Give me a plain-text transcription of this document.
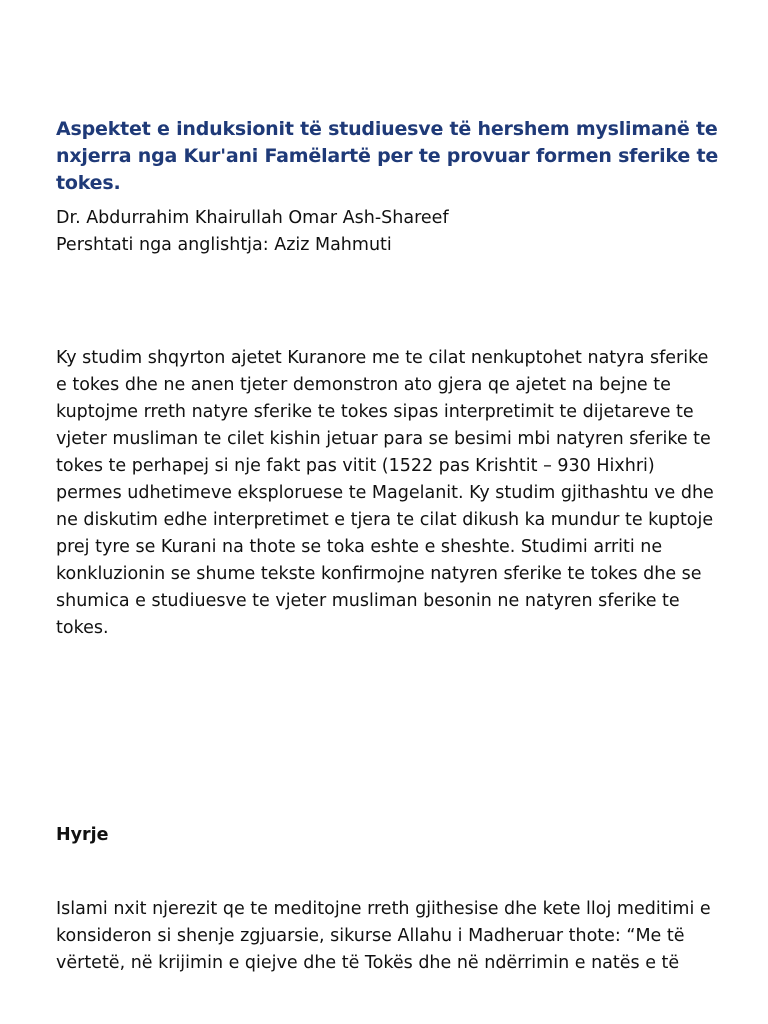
Aspektet e induksionit të studiuesve të hershem myslimanë te
nxjerra nga Kur'ani Famëlartë per te provuar formen sferike te
tokes.
Dr. Abdurrahim Khairullah Omar Ash-Shareef
Pershtati nga anglishtja: Aziz Mahmuti
Ky studim shqyrton ajetet Kuranore me te cilat nenkuptohet natyra sferike
e tokes dhe ne anen tjeter demonstron ato gjera qe ajetet na bejne te
kuptojme rreth natyre sferike te tokes sipas interpretimit te dijetareve te
vjeter musliman te cilet kishin jetuar para se besimi mbi natyren sferike te
tokes te perhapej si nje fakt pas vitit (1522 pas Krishtit – 930 Hixhri)
permes udhetimeve eksploruese te Magelanit. Ky studim gjithashtu ve dhe
ne diskutim edhe interpretimet e tjera te cilat dikush ka mundur te kuptoje
prej tyre se Kurani na thote se toka eshte e sheshte. Studimi arriti ne
konkluzionin se shume tekste konfirmojne natyren sferike te tokes dhe se
shumica e studiuesve te vjeter musliman besonin ne natyren sferike te
tokes.
Hyrje
Islami nxit njerezit qe te meditojne rreth gjithesise dhe kete lloj meditimi e
konsideron si shenje zgjuarsie, sikurse Allahu i Madheruar thote: “Me të
vërtetë, në krijimin e qiejve dhe të Tokës dhe në ndërrimin e natës e të
